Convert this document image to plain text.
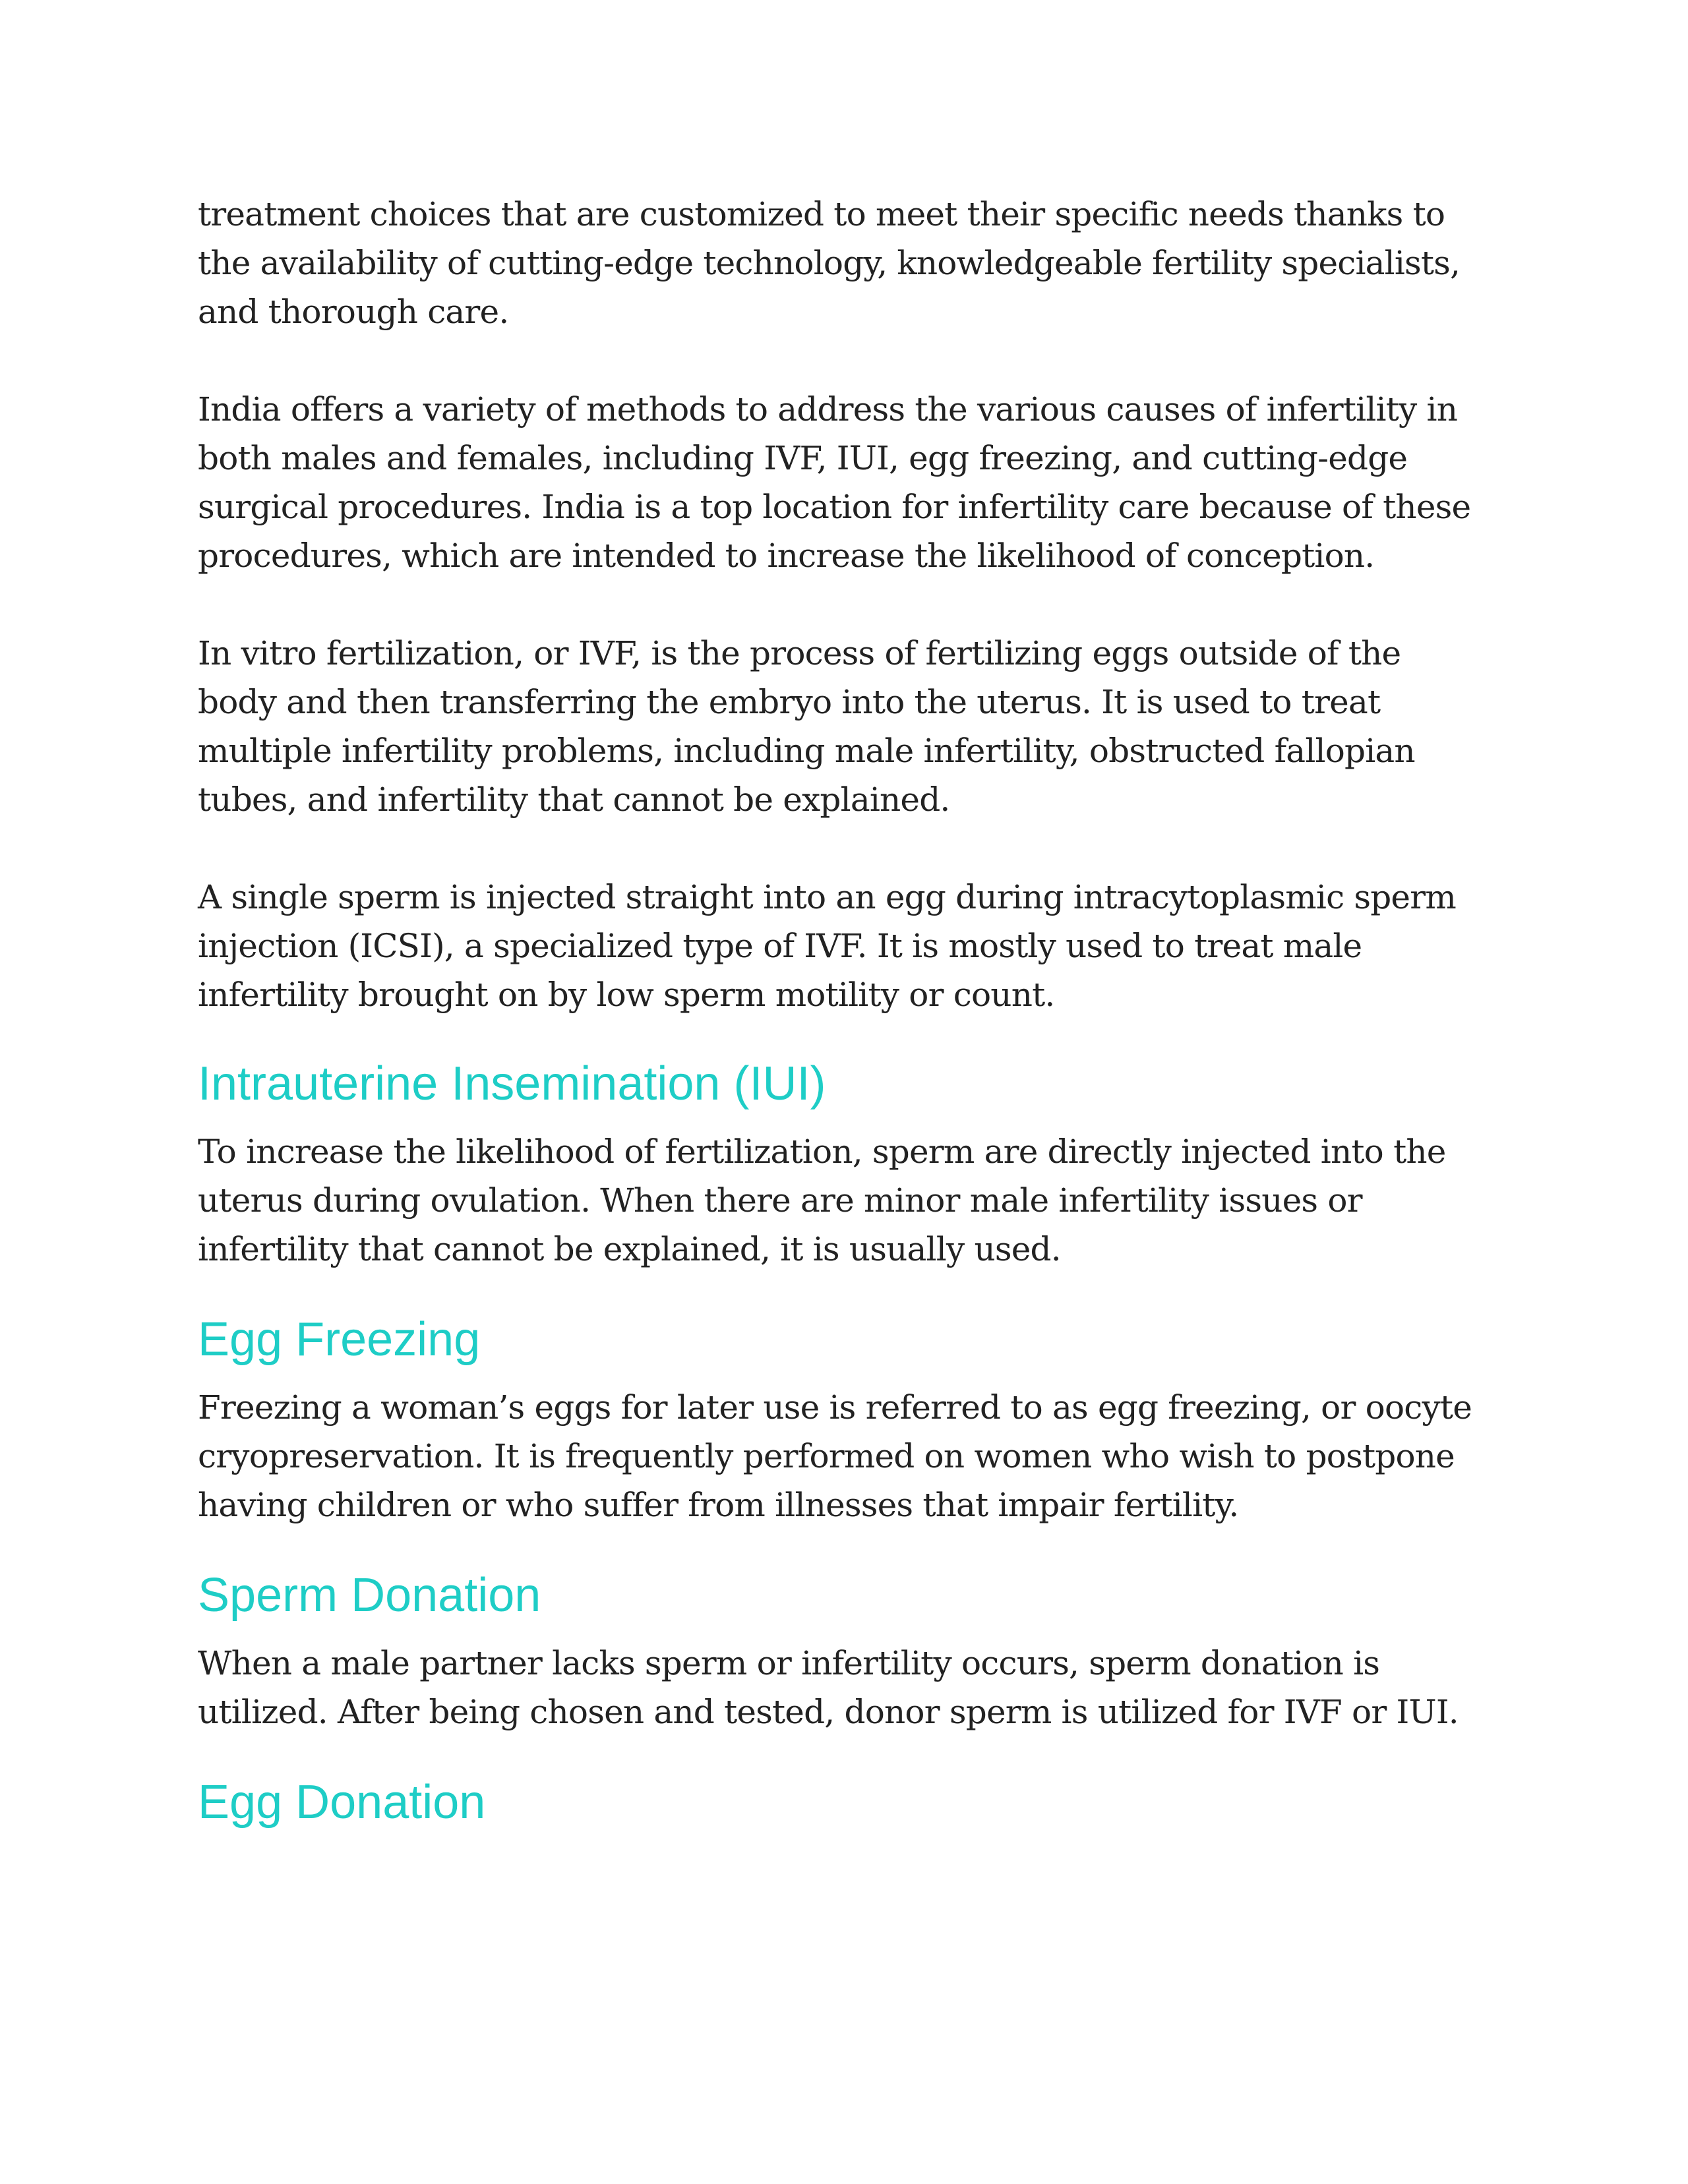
treatment choices that are customized to meet their specific needs thanks to
the availability of cutting-edge technology, knowledgeable fertility specialists,
and thorough care.
India offers a variety of methods to address the various causes of infertility in
both males and females, including IVF, IUI, egg freezing, and cutting-edge
surgical procedures. India is a top location for infertility care because of these
procedures, which are intended to increase the likelihood of conception.
In vitro fertilization, or IVF, is the process of fertilizing eggs outside of the
body and then transferring the embryo into the uterus. It is used to treat
multiple infertility problems, including male infertility, obstructed fallopian
tubes, and infertility that cannot be explained.
A single sperm is injected straight into an egg during intracytoplasmic sperm
injection (ICSI), a specialized type of IVF. It is mostly used to treat male
infertility brought on by low sperm motility or count.
Intrauterine Insemination (IUI)
To increase the likelihood of fertilization, sperm are directly injected into the
uterus during ovulation. When there are minor male infertility issues or
infertility that cannot be explained, it is usually used.
Egg Freezing
Freezing a woman’s eggs for later use is referred to as egg freezing, or oocyte
cryopreservation. It is frequently performed on women who wish to postpone
having children or who suffer from illnesses that impair fertility.
Sperm Donation
When a male partner lacks sperm or infertility occurs, sperm donation is
utilized. After being chosen and tested, donor sperm is utilized for IVF or IUI.
Egg Donation
